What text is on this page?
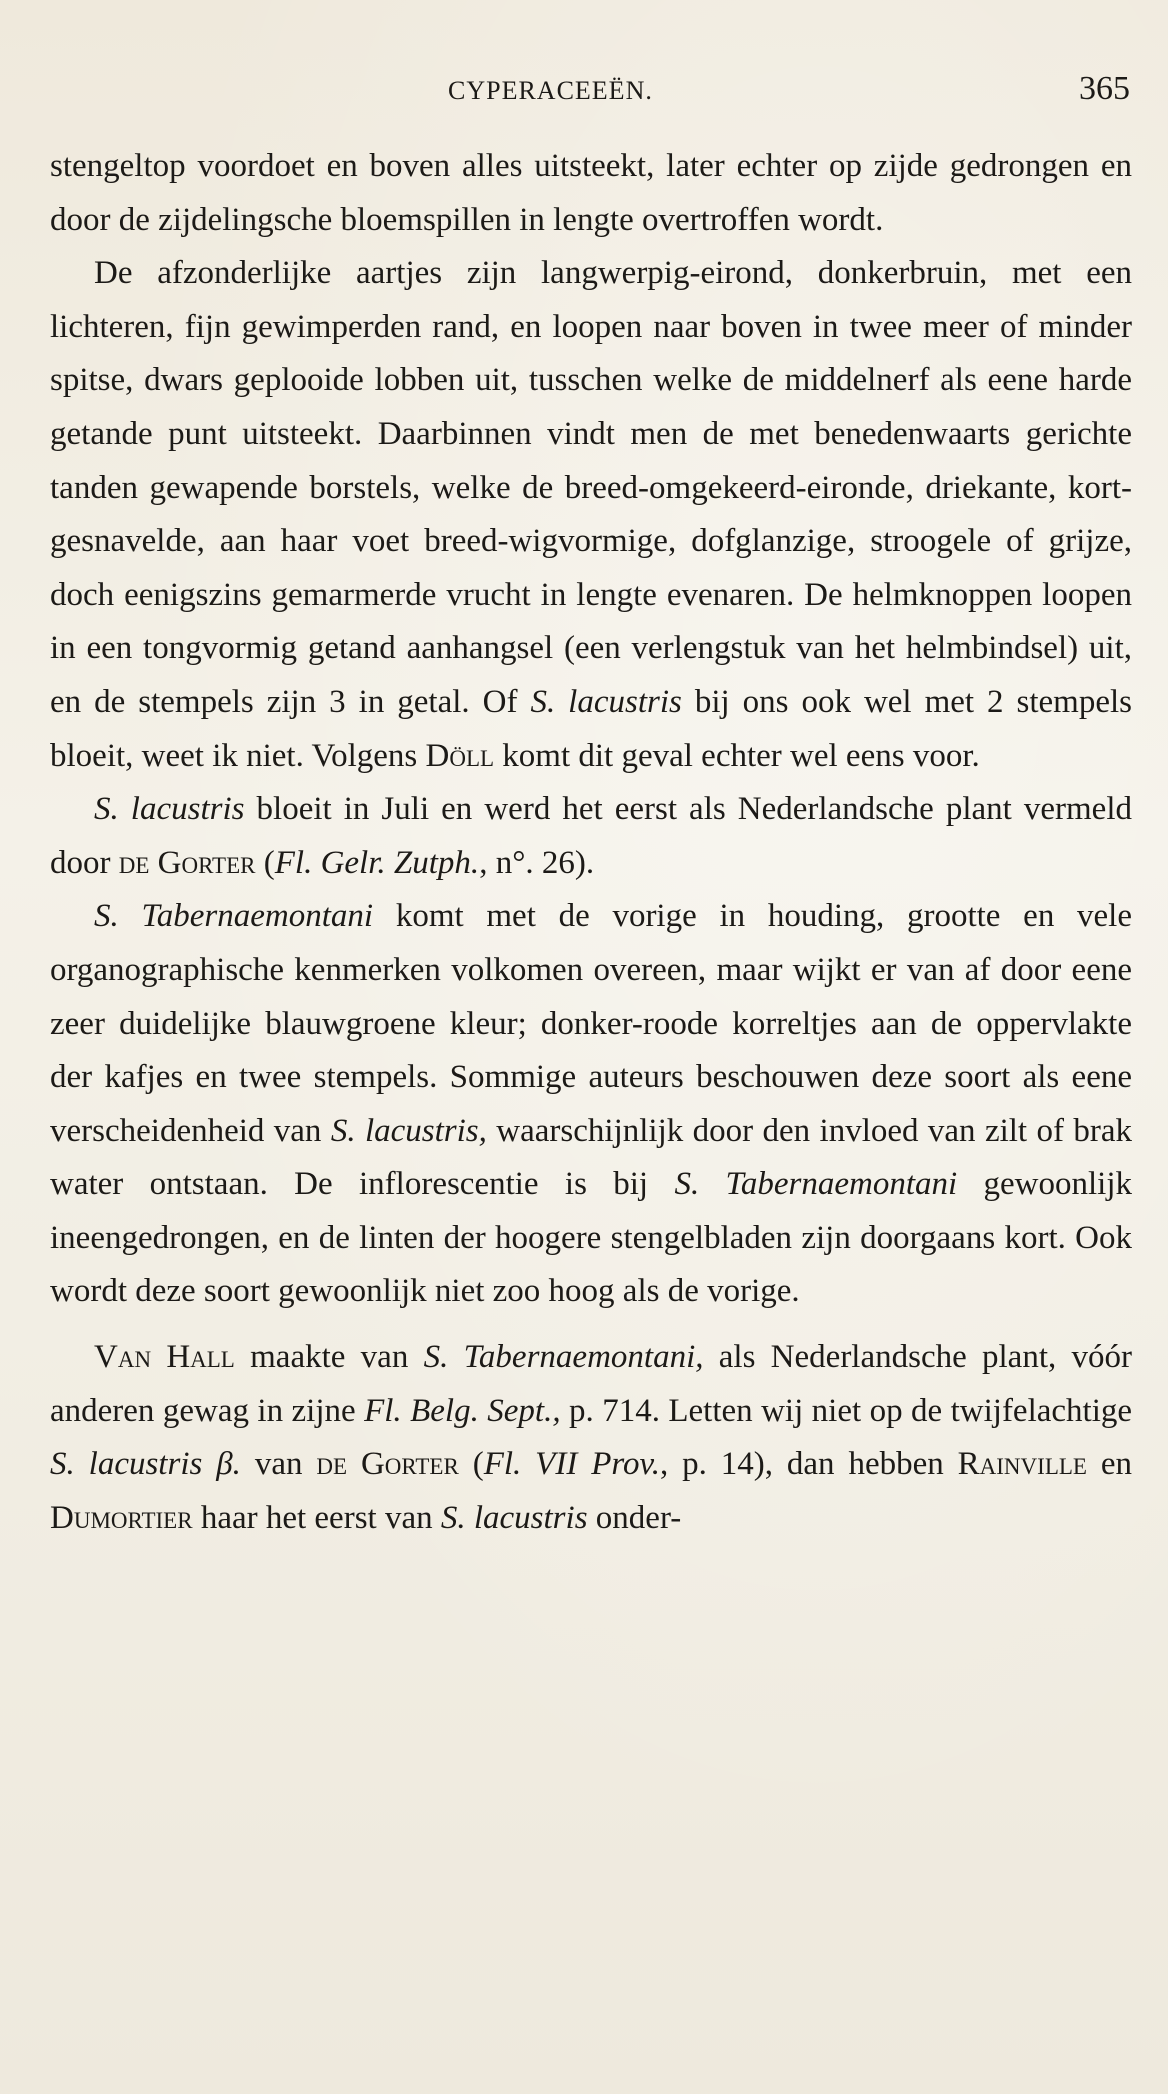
CYPERACEEËN.	365

stengeltop voordoet en boven alles uitsteekt, later echter op zijde gedrongen en door de zijdelingsche bloemspillen in lengte overtroffen wordt.

De afzonderlijke aartjes zijn langwerpig-eirond, donkerbruin, met een lichteren, fijn gewimperden rand, en loopen naar boven in twee meer of minder spitse, dwars geplooide lobben uit, tusschen welke de middelnerf als eene harde getande punt uitsteekt. Daarbinnen vindt men de met benedenwaarts gerichte tanden gewapende borstels, welke de breed-omgekeerd-eironde, driekante, kort-gesnavelde, aan haar voet breed-wigvormige, dofglanzige, stroogele of grijze, doch eenigszins gemarmerde vrucht in lengte evenaren. De helmknoppen loopen in een tongvormig getand aanhangsel (een verlengstuk van het helmbindsel) uit, en de stempels zijn 3 in getal. Of S. lacustris bij ons ook wel met 2 stempels bloeit, weet ik niet. Volgens Döll komt dit geval echter wel eens voor.

S. lacustris bloeit in Juli en werd het eerst als Nederlandsche plant vermeld door de Gorter (Fl. Gelr. Zutph., n°. 26).

S. Tabernaemontani komt met de vorige in houding, grootte en vele organographische kenmerken volkomen overeen, maar wijkt er van af door eene zeer duidelijke blauwgroene kleur; donker-roode korreltjes aan de oppervlakte der kafjes en twee stempels. Sommige auteurs beschouwen deze soort als eene verscheidenheid van S. lacustris, waarschijnlijk door den invloed van zilt of brak water ontstaan. De inflorescentie is bij S. Tabernaemontani gewoonlijk ineengedrongen, en de linten der hoogere stengelbladen zijn doorgaans kort. Ook wordt deze soort gewoonlijk niet zoo hoog als de vorige.

Van Hall maakte van S. Tabernaemontani, als Nederlandsche plant, vóór anderen gewag in zijne Fl. Belg. Sept., p. 714. Letten wij niet op de twijfelachtige S. lacustris β. van de Gorter (Fl. VII Prov., p. 14), dan hebben Rainville en Dumortier haar het eerst van S. lacustris onder-
